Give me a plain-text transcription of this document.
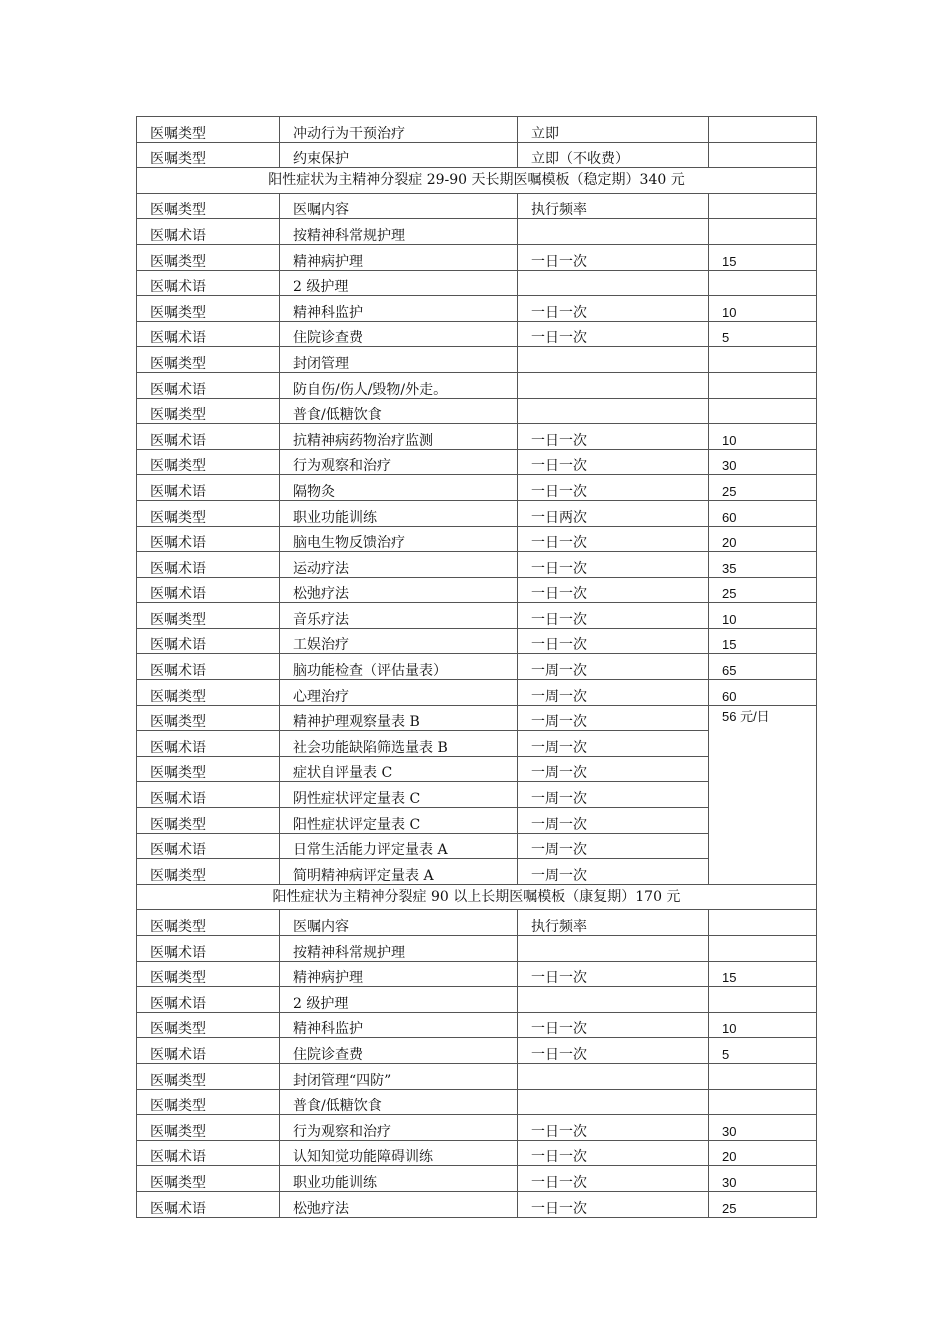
医嘱类型	冲动行为干预治疗	立即	
医嘱类型	约束保护	立即（不收费）	
阳性症状为主精神分裂症 29-90 天长期医嘱模板（稳定期）340 元			
医嘱类型	医嘱内容	执行频率	
医嘱术语	按精神科常规护理		
医嘱类型	精神病护理	一日一次	15
医嘱术语	2 级护理		
医嘱类型	精神科监护	一日一次	10
医嘱术语	住院诊查费	一日一次	5
医嘱类型	封闭管理		
医嘱术语	防自伤/伤人/毁物/外走。		
医嘱类型	普食/低糖饮食		
医嘱术语	抗精神病药物治疗监测	一日一次	10
医嘱类型	行为观察和治疗	一日一次	30
医嘱术语	隔物灸	一日一次	25
医嘱类型	职业功能训练	一日两次	60
医嘱术语	脑电生物反馈治疗	一日一次	20
医嘱术语	运动疗法	一日一次	35
医嘱术语	松弛疗法	一日一次	25
医嘱类型	音乐疗法	一日一次	10
医嘱术语	工娱治疗	一日一次	15
医嘱术语	脑功能检查（评估量表）	一周一次	65
医嘱类型	心理治疗	一周一次	60
医嘱类型	精神护理观察量表 B	一周一次	56 元/日
医嘱术语	社会功能缺陷筛选量表 B	一周一次	
医嘱类型	症状自评量表 C	一周一次	
医嘱术语	阴性症状评定量表 C	一周一次	
医嘱类型	阳性症状评定量表 C	一周一次	
医嘱术语	日常生活能力评定量表 A	一周一次	
医嘱类型	简明精神病评定量表 A	一周一次	
阳性症状为主精神分裂症 90 以上长期医嘱模板（康复期）170 元			
医嘱类型	医嘱内容	执行频率	
医嘱术语	按精神科常规护理		
医嘱类型	精神病护理	一日一次	15
医嘱术语	2 级护理		
医嘱类型	精神科监护	一日一次	10
医嘱术语	住院诊查费	一日一次	5
医嘱类型	封闭管理“四防”		
医嘱类型	普食/低糖饮食		
医嘱类型	行为观察和治疗	一日一次	30
医嘱术语	认知知觉功能障碍训练	一日一次	20
医嘱类型	职业功能训练	一日一次	30
医嘱术语	松弛疗法	一日一次	25
